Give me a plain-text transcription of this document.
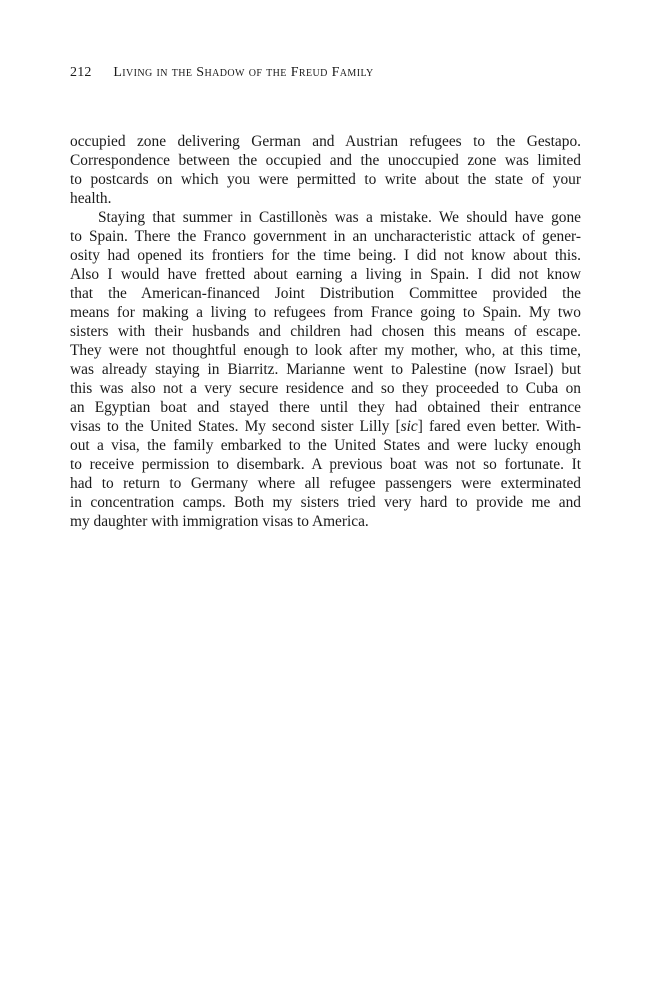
212 Living in the Shadow of the Freud Family
occupied zone delivering German and Austrian refugees to the Gestapo.
Correspondence between the occupied and the unoccupied zone was limited
to postcards on which you were permitted to write about the state of your
health.
Staying that summer in Castillonès was a mistake. We should have gone
to Spain. There the Franco government in an uncharacteristic attack of gener-
osity had opened its frontiers for the time being. I did not know about this.
Also I would have fretted about earning a living in Spain. I did not know
that the American-financed Joint Distribution Committee provided the
means for making a living to refugees from France going to Spain. My two
sisters with their husbands and children had chosen this means of escape.
They were not thoughtful enough to look after my mother, who, at this time,
was already staying in Biarritz. Marianne went to Palestine (now Israel) but
this was also not a very secure residence and so they proceeded to Cuba on
an Egyptian boat and stayed there until they had obtained their entrance
visas to the United States. My second sister Lilly [sic] fared even better. With-
out a visa, the family embarked to the United States and were lucky enough
to receive permission to disembark. A previous boat was not so fortunate. It
had to return to Germany where all refugee passengers were exterminated
in concentration camps. Both my sisters tried very hard to provide me and
my daughter with immigration visas to America.
